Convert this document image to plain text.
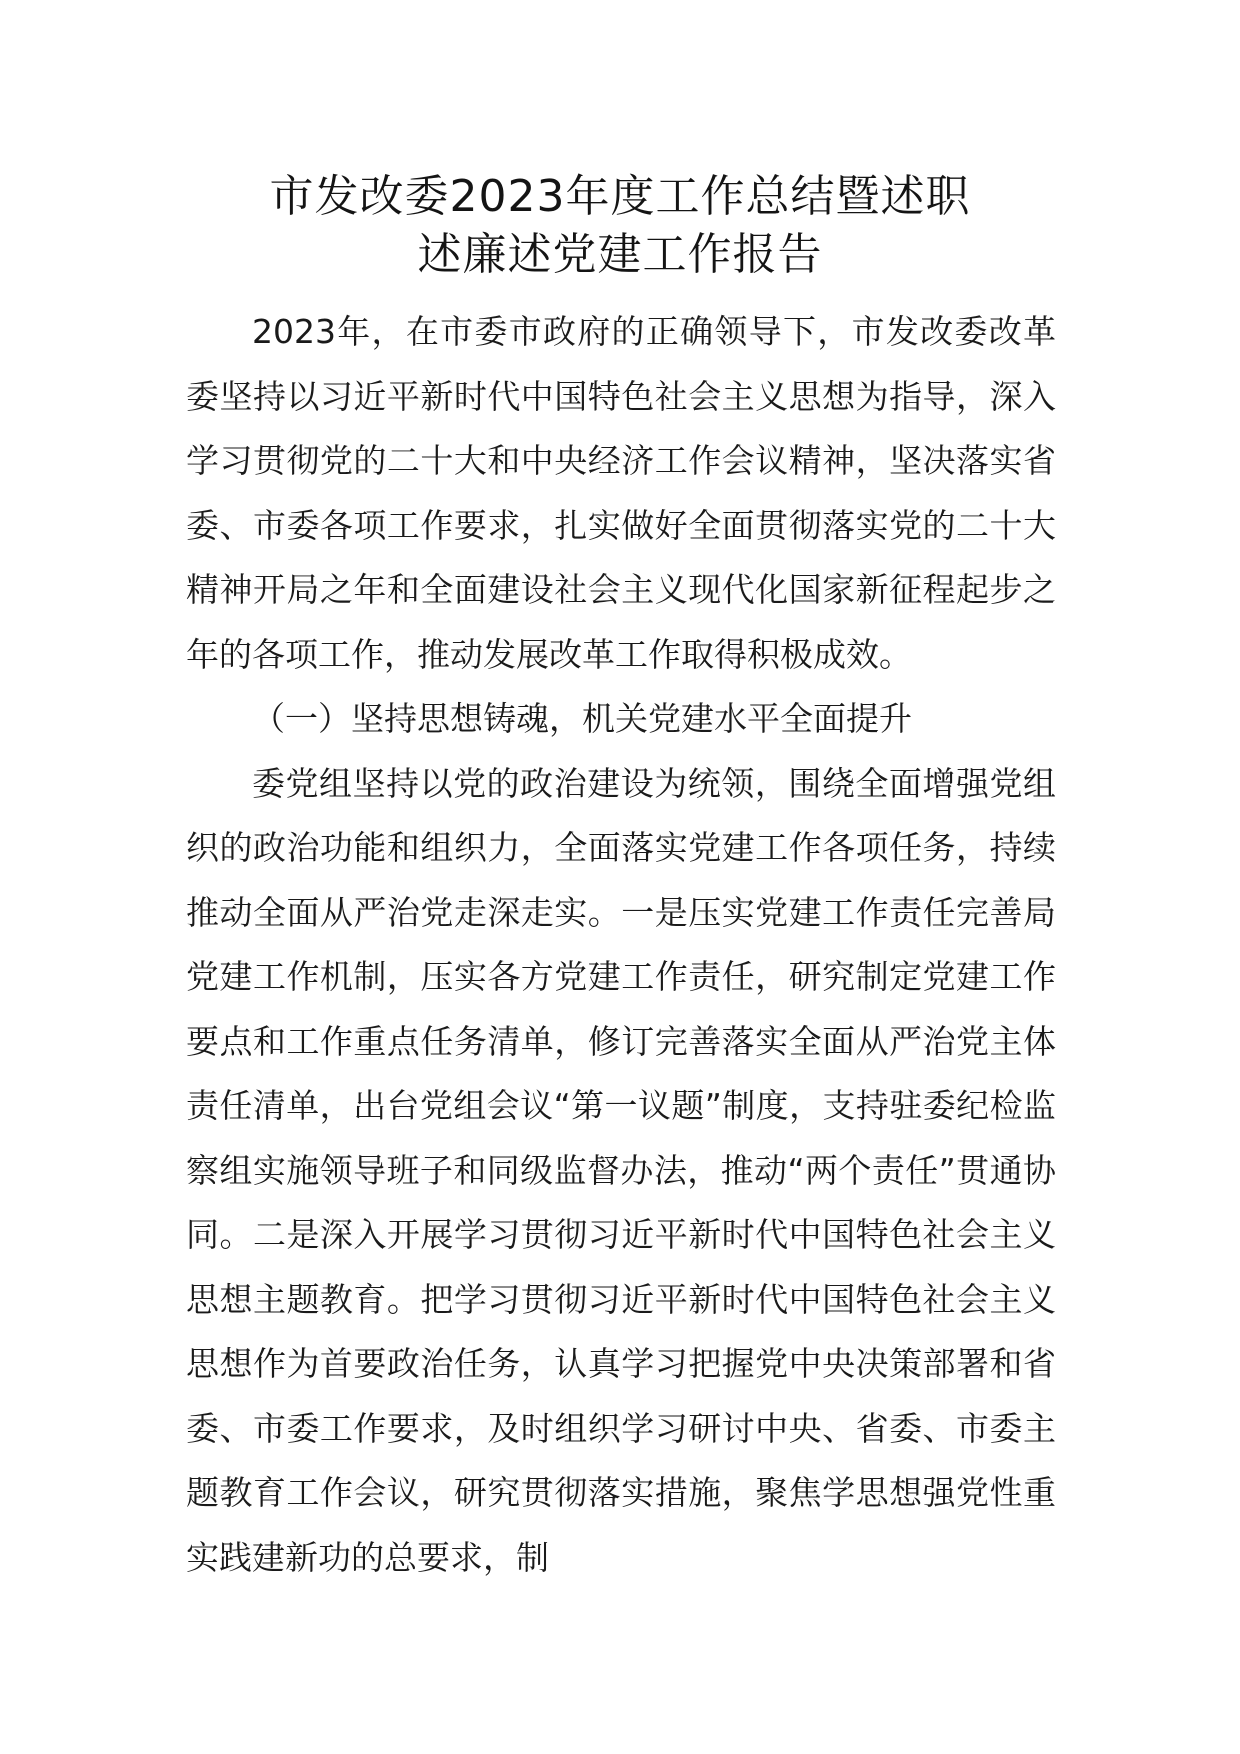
市发改委2023年度工作总结暨述职
述廉述党建工作报告

2023年，在市委市政府的正确领导下，市发改委改革委坚持以习近平新时代中国特色社会主义思想为指导，深入学习贯彻党的二十大和中央经济工作会议精神，坚决落实省委、市委各项工作要求，扎实做好全面贯彻落实党的二十大精神开局之年和全面建设社会主义现代化国家新征程起步之年的各项工作，推动发展改革工作取得积极成效。

（一）坚持思想铸魂，机关党建水平全面提升

委党组坚持以党的政治建设为统领，围绕全面增强党组织的政治功能和组织力，全面落实党建工作各项任务，持续推动全面从严治党走深走实。一是压实党建工作责任完善局党建工作机制，压实各方党建工作责任，研究制定党建工作要点和工作重点任务清单，修订完善落实全面从严治党主体责任清单，出台党组会议“第一议题”制度，支持驻委纪检监察组实施领导班子和同级监督办法，推动“两个责任”贯通协同。二是深入开展学习贯彻习近平新时代中国特色社会主义思想主题教育。把学习贯彻习近平新时代中国特色社会主义思想作为首要政治任务，认真学习把握党中央决策部署和省委、市委工作要求，及时组织学习研讨中央、省委、市委主题教育工作会议，研究贯彻落实措施，聚焦学思想强党性重实践建新功的总要求，制
